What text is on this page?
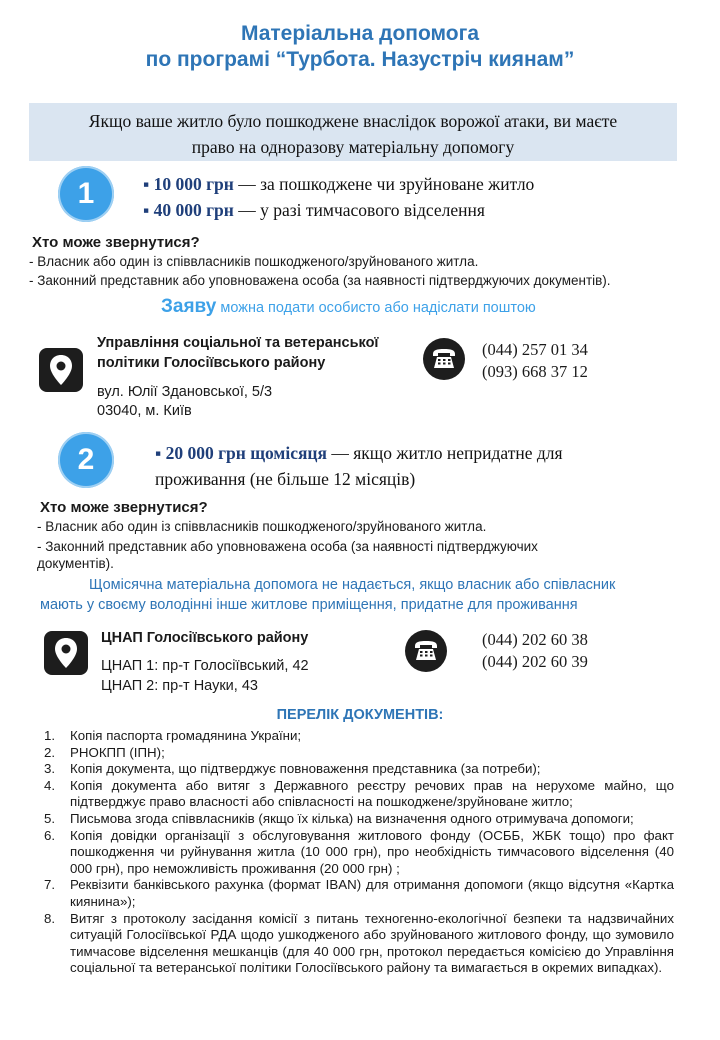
Матеріальна допомога
по програмі “Турбота. Назустріч киянам”
Якщо ваше житло було пошкоджене внаслідок ворожої атаки, ви маєте
право на одноразову матеріальну допомогу
1	▪ 10 000 грн — за пошкоджене чи зруйноване житло
▪ 40 000 грн — у разі тимчасового відселення
Хто може звернутися?
- Власник або один із співвласників пошкодженого/зруйнованого житла.
- Законний представник або уповноважена особа (за наявності підтверджуючих документів).
Заяву можна подати особисто або надіслати поштою
Управління соціальної та ветеранської
політики Голосіївського району
вул. Юлії Здановської, 5/3
03040, м. Київ
(044) 257 01 34
(093) 668 37 12
2	▪ 20 000 грн щомісяця — якщо житло непридатне для
проживання (не більше 12 місяців)
Хто може звернутися?
- Власник або один із співвласників пошкодженого/зруйнованого житла.
- Законний представник або уповноважена особа (за наявності підтверджуючих
документів).
Щомісячна матеріальна допомога не надається, якщо власник або співласник
мають у своєму володінні інше житлове приміщення, придатне для проживання
ЦНАП Голосіївського району
ЦНАП 1: пр-т Голосіївський, 42
ЦНАП 2: пр-т Науки, 43
(044) 202 60 38
(044) 202 60 39
ПЕРЕЛІК ДОКУМЕНТІВ:
1. Копія паспорта громадянина України;
2. РНОКПП (ІПН);
3. Копія документа, що підтверджує повноваження представника (за потреби);
4. Копія документа або витяг з Державного реєстру речових прав на нерухоме майно, що підтверджує право власності або співласності на пошкоджене/зруйноване житло;
5. Письмова згода співвласників (якщо їх кілька) на визначення одного отримувача допомоги;
6. Копія довідки організації з обслуговування житлового фонду (ОСББ, ЖБК тощо) про факт пошкодження чи руйнування житла (10 000 грн), про необхідність тимчасового відселення (40 000 грн), про неможливість проживання (20 000 грн) ;
7. Реквізити банківського рахунка (формат IBAN) для отримання допомоги (якщо відсутня «Картка киянина»);
8. Витяг з протоколу засідання комісії з питань техногенно-екологічної безпеки та надзвичайних ситуацій Голосіївської РДА щодо ушкодженого або зруйнованого житлового фонду, що зумовило тимчасове відселення мешканців (для 40 000 грн, протокол передається комісією до Управління соціальної та ветеранської політики Голосіївського району та вимагається в окремих випадках).
